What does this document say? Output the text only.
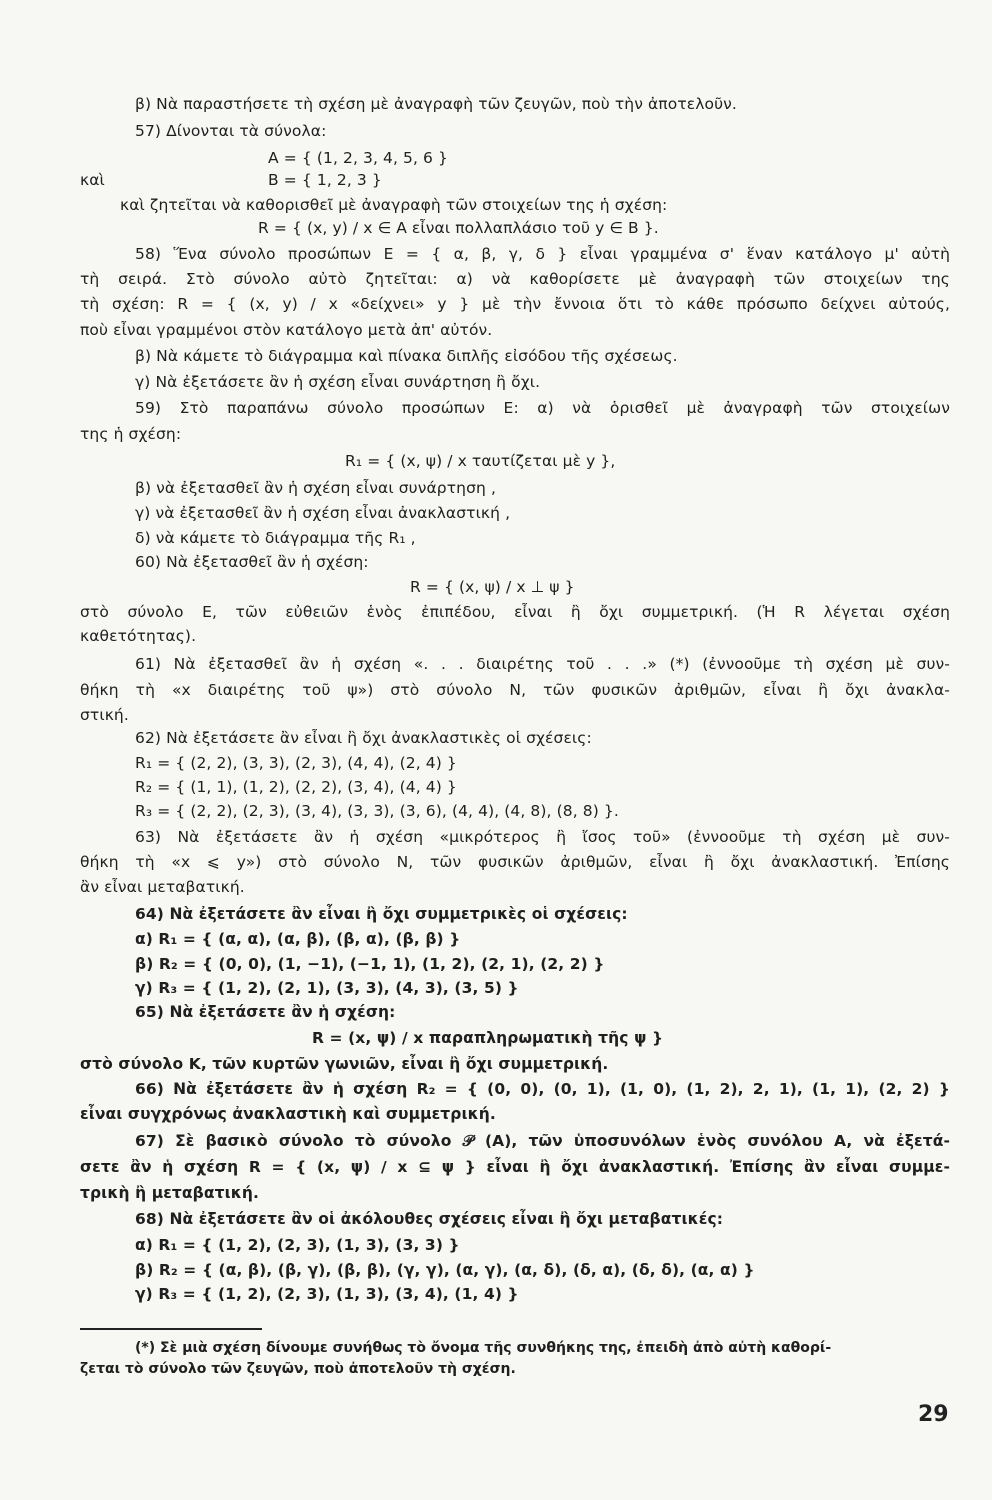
β) Νὰ παραστήσετε τὴ σχέση μὲ ἀναγραφὴ τῶν ζευγῶν, ποὺ τὴν ἀποτελοῦν.
57) Δίνονται τὰ σύνολα:
A = { (1, 2, 3, 4, 5, 6 }
καὶ	B = { 1, 2, 3 }
καὶ ζητεῖται νὰ καθορισθεῖ μὲ ἀναγραφὴ τῶν στοιχείων της ἡ σχέση:
R = { (x, y) / x ∈ A εἶναι πολλαπλάσιο τοῦ y ∈ B }.
58) Ἕνα σύνολο προσώπων E = { α, β, γ, δ } εἶναι γραμμένα σ' ἕναν κατάλογο μ' αὐτὴ
τὴ σειρά. Στὸ σύνολο αὐτὸ ζητεῖται: α) νὰ καθορίσετε μὲ ἀναγραφὴ τῶν στοιχείων της
τὴ σχέση: R = { (x, y) / x «δείχνει» y } μὲ τὴν ἔννοια ὅτι τὸ κάθε πρόσωπο δείχνει αὐτούς,
ποὺ εἶναι γραμμένοι στὸν κατάλογο μετὰ ἀπ' αὐτόν.
β) Νὰ κάμετε τὸ διάγραμμα καὶ πίνακα διπλῆς εἰσόδου τῆς σχέσεως.
γ) Νὰ ἐξετάσετε ἂν ἡ σχέση εἶναι συνάρτηση ἢ ὄχι.
59) Στὸ παραπάνω σύνολο προσώπων E: α) νὰ ὁρισθεῖ μὲ ἀναγραφὴ τῶν στοιχείων
της ἡ σχέση:
R₁ = { (x, ψ) / x ταυτίζεται μὲ y },
β) νὰ ἐξετασθεῖ ἂν ἡ σχέση εἶναι συνάρτηση ,
γ) νὰ ἐξετασθεῖ ἂν ἡ σχέση εἶναι ἀνακλαστική ,
δ) νὰ κάμετε τὸ διάγραμμα τῆς R₁ ,
60) Νὰ ἐξετασθεῖ ἂν ἡ σχέση:
R = { (x, ψ) / x ⊥ ψ }
στὸ σύνολο E, τῶν εὐθειῶν ἑνὸς ἐπιπέδου, εἶναι ἢ ὄχι συμμετρική. (Ἡ R λέγεται σχέση
καθετότητας).
61) Νὰ ἐξετασθεῖ ἂν ἡ σχέση «. . . διαιρέτης τοῦ . . .» (*) (ἐννοοῦμε τὴ σχέση μὲ συν-
θήκη τὴ «x διαιρέτης τοῦ ψ») στὸ σύνολο N, τῶν φυσικῶν ἀριθμῶν, εἶναι ἢ ὄχι ἀνακλα-
στική.
62) Νὰ ἐξετάσετε ἂν εἶναι ἢ ὄχι ἀνακλαστικὲς οἱ σχέσεις:
R₁ = { (2, 2), (3, 3), (2, 3), (4, 4), (2, 4) }
R₂ = { (1, 1), (1, 2), (2, 2), (3, 4), (4, 4) }
R₃ = { (2, 2), (2, 3), (3, 4), (3, 3), (3, 6), (4, 4), (4, 8), (8, 8) }.
63) Νὰ ἐξετάσετε ἂν ἡ σχέση «μικρότερος ἢ ἴσος τοῦ» (ἐννοοῦμε τὴ σχέση μὲ συν-
θήκη τὴ «x ⩽ y») στὸ σύνολο N, τῶν φυσικῶν ἀριθμῶν, εἶναι ἢ ὄχι ἀνακλαστική. Ἐπίσης
ἂν εἶναι μεταβατική.
64) Νὰ ἐξετάσετε ἂν εἶναι ἢ ὄχι συμμετρικὲς οἱ σχέσεις:
α) R₁ = { (α, α), (α, β), (β, α), (β, β) }
β) R₂ = { (0, 0), (1, −1), (−1, 1), (1, 2), (2, 1), (2, 2) }
γ) R₃ = { (1, 2), (2, 1), (3, 3), (4, 3), (3, 5) }
65) Νὰ ἐξετάσετε ἂν ἡ σχέση:
R = (x, ψ) / x παραπληρωματικὴ τῆς ψ }
στὸ σύνολο K, τῶν κυρτῶν γωνιῶν, εἶναι ἢ ὄχι συμμετρική.
66) Νὰ ἐξετάσετε ἂν ἡ σχέση R₂ = { (0, 0), (0, 1), (1, 0), (1, 2), 2, 1), (1, 1), (2, 2) }
εἶναι συγχρόνως ἀνακλαστικὴ καὶ συμμετρική.
67) Σὲ βασικὸ σύνολο τὸ σύνολο 𝒫 (A), τῶν ὑποσυνόλων ἑνὸς συνόλου A, νὰ ἐξετά-
σετε ἂν ἡ σχέση R = { (x, ψ) / x ⊆ ψ } εἶναι ἢ ὄχι ἀνακλαστική. Ἐπίσης ἂν εἶναι συμμε-
τρικὴ ἢ μεταβατική.
68) Νὰ ἐξετάσετε ἂν οἱ ἀκόλουθες σχέσεις εἶναι ἢ ὄχι μεταβατικές:
α) R₁ = { (1, 2), (2, 3), (1, 3), (3, 3) }
β) R₂ = { (α, β), (β, γ), (β, β), (γ, γ), (α, γ), (α, δ), (δ, α), (δ, δ), (α, α) }
γ) R₃ = { (1, 2), (2, 3), (1, 3), (3, 4), (1, 4) }
(*) Σὲ μιὰ σχέση δίνουμε συνήθως τὸ ὄνομα τῆς συνθήκης της, ἐπειδὴ ἀπὸ αὐτὴ καθορί-
ζεται τὸ σύνολο τῶν ζευγῶν, ποὺ ἀποτελοῦν τὴ σχέση.
29
